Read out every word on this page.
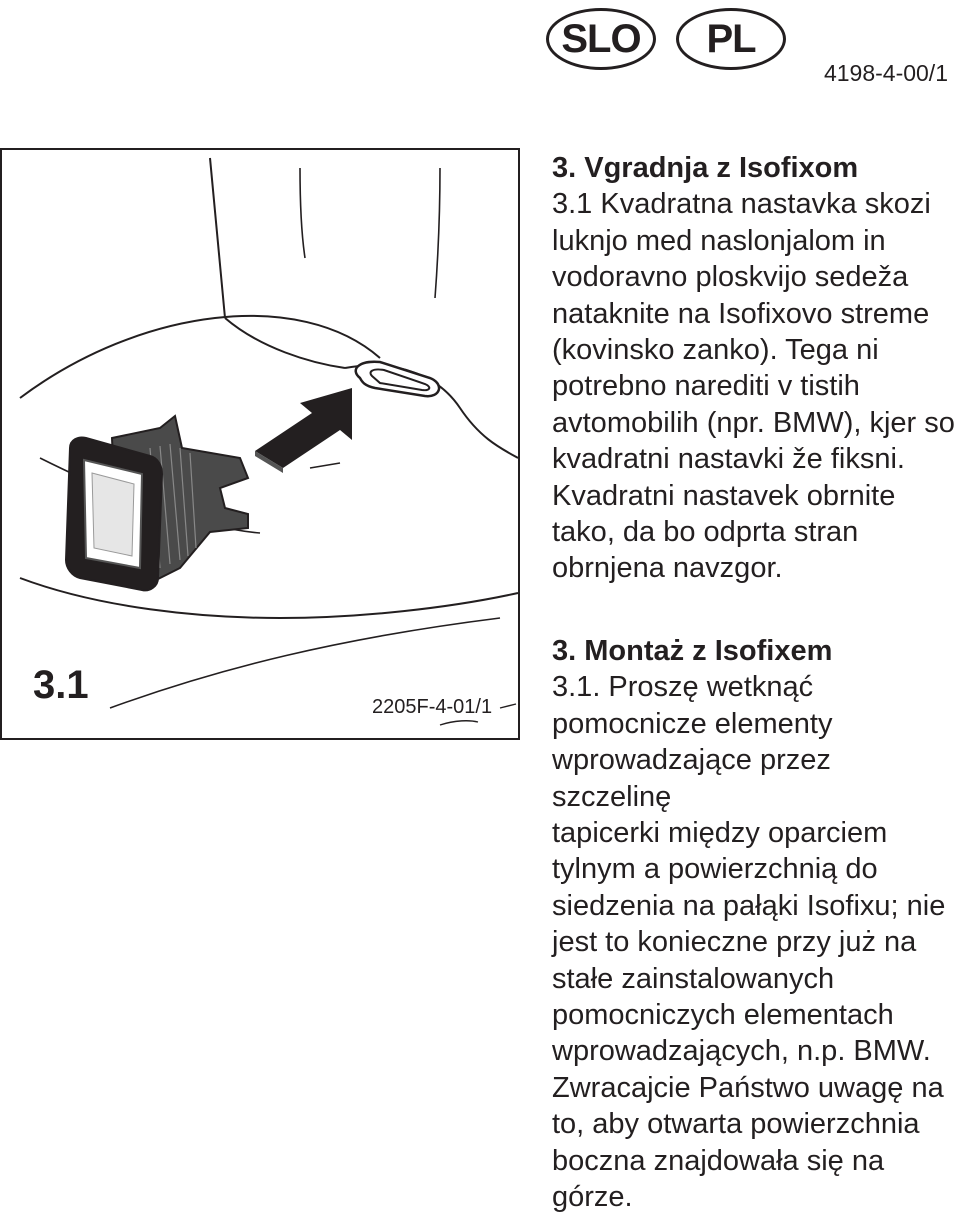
SLO	PL
4198-4-00/1
3.1	2205F-4-01/1
3. Vgradnja z Isofixom
3.1 Kvadratna nastavka skozi
luknjo med naslonjalom in
vodoravno ploskvijo sedeža
nataknite na Isofixovo streme
(kovinsko zanko). Tega ni
potrebno narediti v tistih
avtomobilih (npr. BMW), kjer so
kvadratni nastavki že fiksni.
Kvadratni nastavek obrnite
tako, da bo odprta stran
obrnjena navzgor.
3. Montaż z Isofixem
3.1. Proszę wetknąć
pomocnicze elementy
wprowadzające przez szczelinę
tapicerki między oparciem
tylnym a powierzchnią do
siedzenia na pałąki Isofixu; nie
jest to konieczne przy już na
stałe zainstalowanych
pomocniczych elementach
wprowadzających, n.p. BMW.
Zwracajcie Państwo uwagę na
to, aby otwarta powierzchnia
boczna znajdowała się na
górze.
